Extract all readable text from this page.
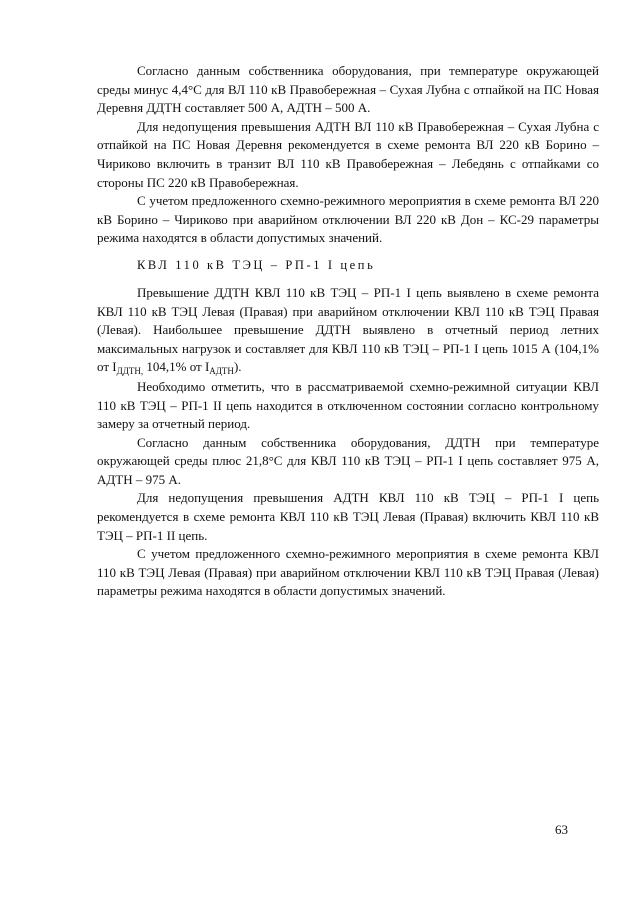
Согласно данным собственника оборудования, при температуре окружающей среды минус 4,4°С для ВЛ 110 кВ Правобережная – Сухая Лубна с отпайкой на ПС Новая Деревня ДДТН составляет 500 А, АДТН – 500 А.

Для недопущения превышения АДТН ВЛ 110 кВ Правобережная – Сухая Лубна с отпайкой на ПС Новая Деревня рекомендуется в схеме ремонта ВЛ 220 кВ Борино – Чириково включить в транзит ВЛ 110 кВ Правобережная – Лебедянь с отпайками со стороны ПС 220 кВ Правобережная.

С учетом предложенного схемно-режимного мероприятия в схеме ремонта ВЛ 220 кВ Борино – Чириково при аварийном отключении ВЛ 220 кВ Дон – КС-29 параметры режима находятся в области допустимых значений.

КВЛ 110 кВ ТЭЦ – РП-1 I цепь

Превышение ДДТН КВЛ 110 кВ ТЭЦ – РП-1 I цепь выявлено в схеме ремонта КВЛ 110 кВ ТЭЦ Левая (Правая) при аварийном отключении КВЛ 110 кВ ТЭЦ Правая (Левая). Наибольшее превышение ДДТН выявлено в отчетный период летних максимальных нагрузок и составляет для КВЛ 110 кВ ТЭЦ – РП-1 I цепь 1015 А (104,1% от $I_{ДДТН,}$ 104,1% от $I_{АДТН}$).

Необходимо отметить, что в рассматриваемой схемно-режимной ситуации КВЛ 110 кВ ТЭЦ – РП-1 II цепь находится в отключенном состоянии согласно контрольному замеру за отчетный период.

Согласно данным собственника оборудования, ДДТН при температуре окружающей среды плюс 21,8°С для КВЛ 110 кВ ТЭЦ – РП-1 I цепь составляет 975 А, АДТН – 975 А.

Для недопущения превышения АДТН КВЛ 110 кВ ТЭЦ – РП-1 I цепь рекомендуется в схеме ремонта КВЛ 110 кВ ТЭЦ Левая (Правая) включить КВЛ 110 кВ ТЭЦ – РП-1 II цепь.

С учетом предложенного схемно-режимного мероприятия в схеме ремонта КВЛ 110 кВ ТЭЦ Левая (Правая) при аварийном отключении КВЛ 110 кВ ТЭЦ Правая (Левая) параметры режима находятся в области допустимых значений.

63
